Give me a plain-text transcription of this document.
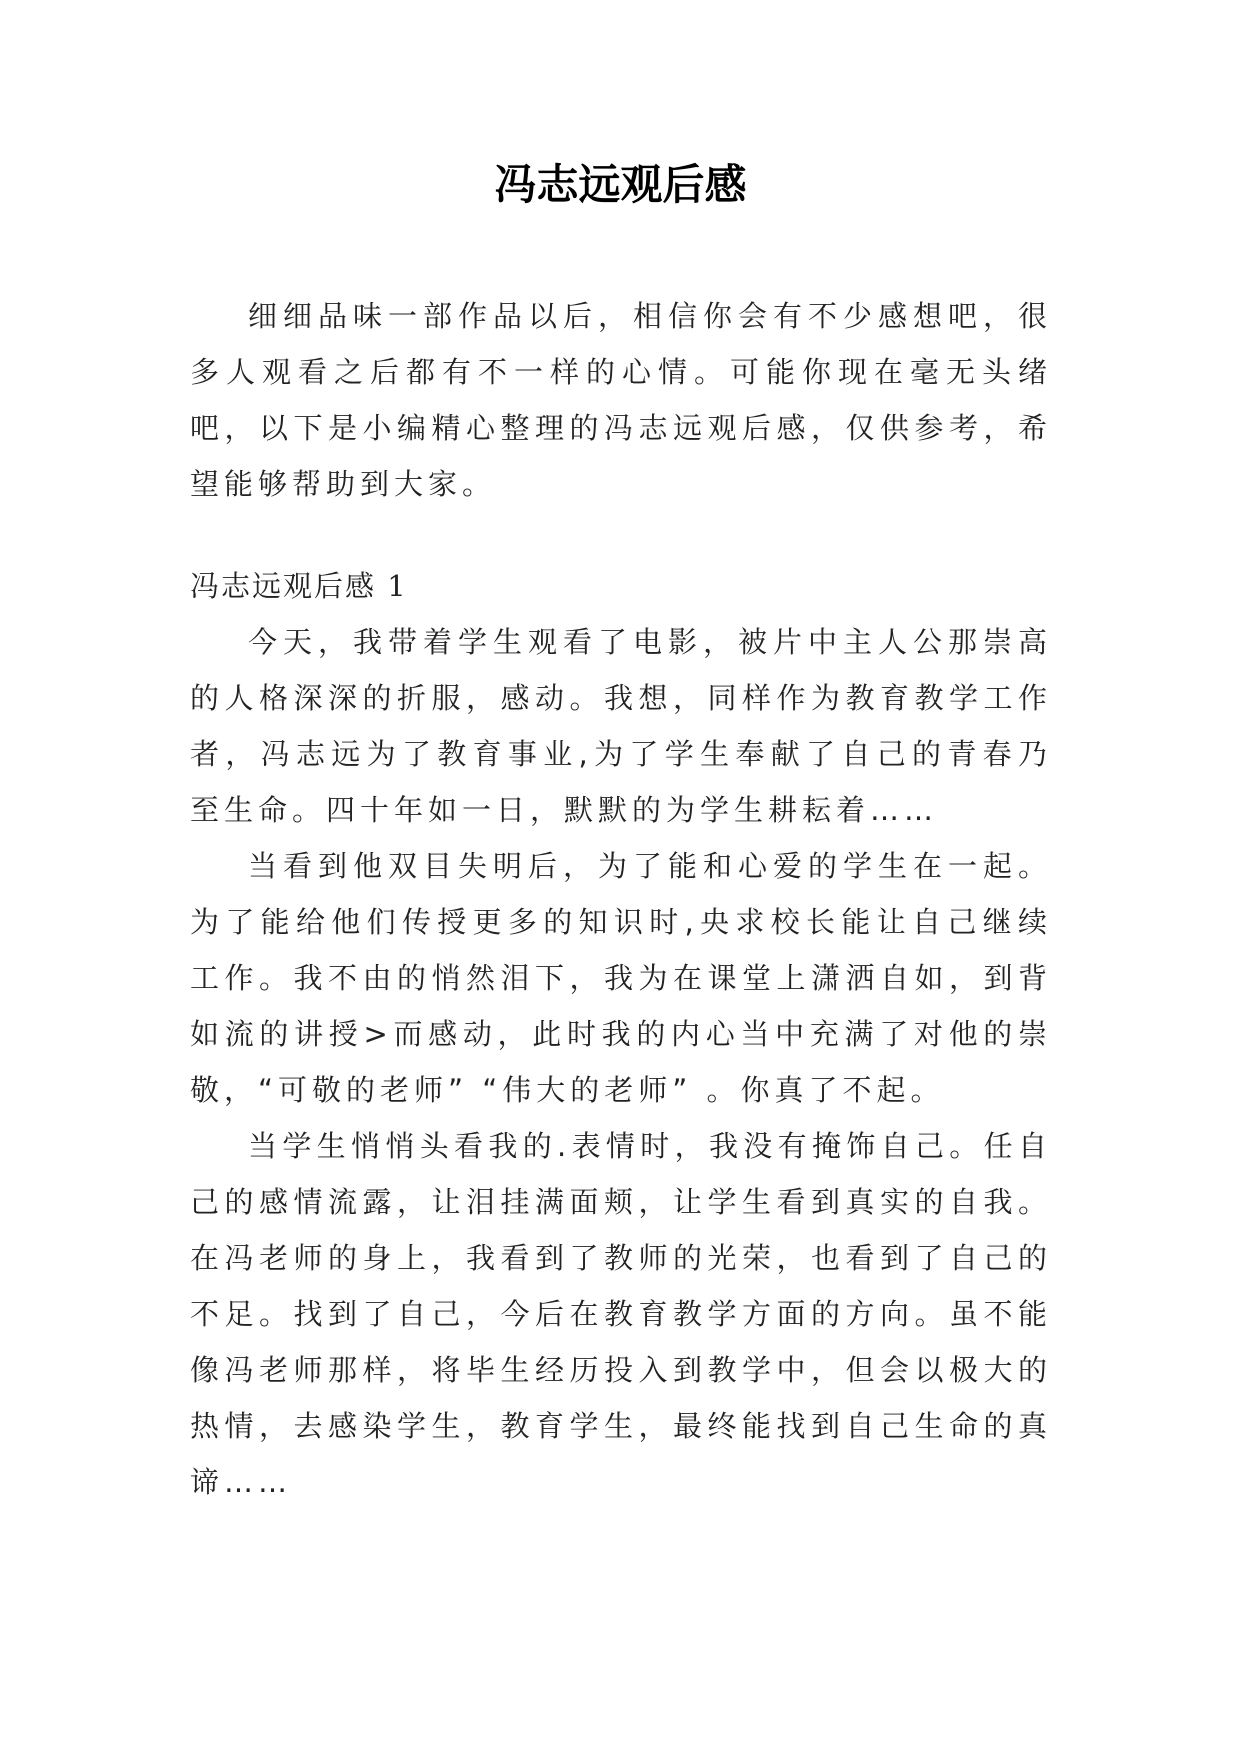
冯志远观后感

细细品味一部作品以后，相信你会有不少感想吧，很多人观看之后都有不一样的心情。可能你现在毫无头绪吧，以下是小编精心整理的冯志远观后感，仅供参考，希望能够帮助到大家。

冯志远观后感 1

今天，我带着学生观看了电影，被片中主人公那崇高的人格深深的折服，感动。我想，同样作为教育教学工作者，冯志远为了教育事业,为了学生奉献了自己的青春乃至生命。四十年如一日，默默的为学生耕耘着……

当看到他双目失明后，为了能和心爱的学生在一起。为了能给他们传授更多的知识时,央求校长能让自己继续工作。我不由的悄然泪下，我为在课堂上潇洒自如，到背如流的讲授>而感动，此时我的内心当中充满了对他的崇敬，“可敬的老师” “伟大的老师” 。你真了不起。

当学生悄悄头看我的.表情时，我没有掩饰自己。任自己的感情流露，让泪挂满面颊，让学生看到真实的自我。在冯老师的身上，我看到了教师的光荣，也看到了自己的不足。找到了自己，今后在教育教学方面的方向。虽不能像冯老师那样，将毕生经历投入到教学中，但会以极大的热情，去感染学生，教育学生，最终能找到自己生命的真谛……
